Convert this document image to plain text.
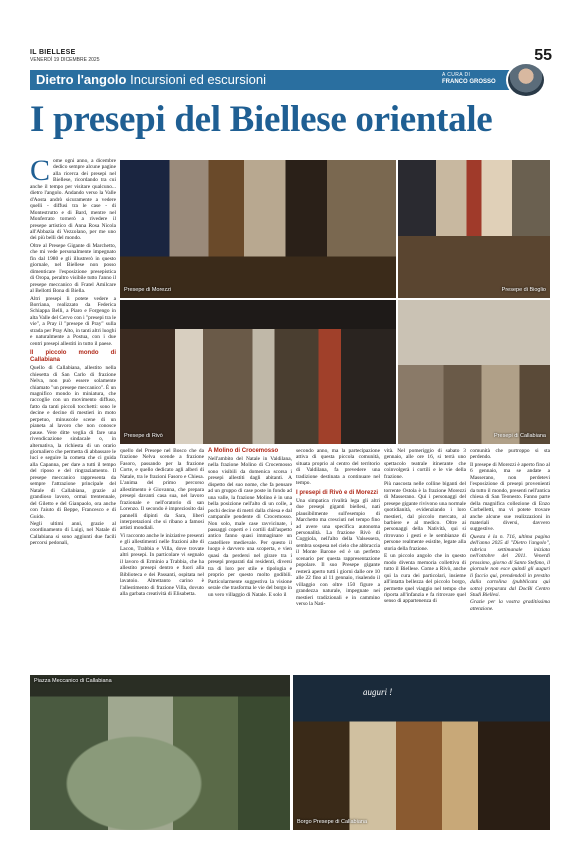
IL BIELLESE
VENERDÌ 19 DICEMBRE 2025	55
Dietro l'angolo Incursioni ed escursioni	A CURA DI
FRANCO GROSSO
I presepi del Biellese orientale

Come ogni anno, a dicembre dedico sempre alcune pagine alla ricerca dei presepi nel Biellese, ricordando tra cui anche il tempo per visitare qualcuno... dietro l'angolo. Andando verso la Valle d'Aosta andrò sicuramente a vedere quelli - diffusi tra le case - di Montestrutto e di Bard, mentre nel Monferrato tornerò a rivedere il presepe artistico di Anna Rosa Nicola all'Abbazia di Vezzolano, per me uno dei più belli del mondo.

Oltre al Presepe Gigante di Marchetto, che mi vede personalmente impegnato fin dal 1980 e gli illustrerò in questo giornale, nel Biellese non posso dimenticare l'esposizione presepistica di Oropa, peraltro visibile tutto l'anno il presepe meccanico di Fratel Amilcare al Bellotti Bona di Biella.

Altri presepi li potete vedere a Borriana, realizzato da Federica Schiappa Belli, a Piaro e Forgengo in alta Valle del Cervo con i "presepi tra le vie", a Pray il "presepe di Pray" sulla strada per Pray Alto, in tanti altri luoghi e naturalmente a Postua, con i due centri presepi allestiti in tutto il paese.

Il piccolo mondo di Callabiana

Quello di Callabiana, allestito nella chiesetta di San Carlo di frazione Nelva, non può essere solamente chiamato "un presepe meccanico". È un magnifico mondo in miniatura, che raccoglie con un movimento diffuso, fatto da tanti piccoli tocchetti: sono le decine e decine di mestieri in moto perpetuo, minuscole scene di un pianeta al lavoro che non conosce pause. Vere ditte veglia di fare una rivendicazione sindacale o, in alternativa, la richiesta di un orario giornaliero che permetta di abbassare le luci e seguire la cometa che ci guida alla Capanna, per dare a tutti il tempo del riposo e del ringraziamento. Il presepe meccanico rappresenta da sempre l'attrazione principale del Natale di Callabiana, grazie al grandioso lavoro, ormai trentennale, del Giletto e del Gianpaolo, ora anche con l'aiuto di Beppe, Francesco e di Guido.

Negli ultimi anni, grazie al coordinamento di Luigi, nel Natale di Callabiana si sono aggiunti due facili percorsi pedonali,

Presepe di Morezzi	Presepe di Bioglio
Presepe di Rivò	Presepi di Callabiana

quello del Presepe nel Bosco che da frazione Nelva scende a frazione Fasoro, passando per la frazione Corte, e quello dedicato agli alberi di Natale, tra le frazioni Fasoro e Chiesa. L'anima del primo percorso allestimento è Giovanna, che prepara presepi davanti casa sua, nel lavoro frazionale e nell'oratorio di san Lorenzo. Il secondo è impreziosito dai pannelli dipinti da Sara, liberi interpretazioni che si ribano a famosi artisti mondiali.

Vi racconto anche le iniziative presenti e gli allestimenti nelle frazioni alte di Lacon, Trabbia e Villa, dove trovate altri presepi. In particolare vi segnalo il lavoro di Erminio a Trabbia, che ha allestito presepi dentro e fuori alla Biblioteca e dei Passanti, ospitata nel lavatoio. Altrettanto carino è l'allestimento di frazione Villa, dovuto alla garbata creatività di Elisabetta.

A Molino di Crocemosso

Nell'ambito del Natale in Valdilana, nella frazione Molino di Crocemosso sono visibili da domenica scorsa i presepi allestiti dagli abitanti. A dispetto del suo nome, che fa pensare ad un gruppo di case poste in fondo ad una valle, la frazione Molino è in una bella posizione nell'alto di un colle, a pochi decine di metri dalla chiesa e dal campanile pendente di Crocemosso. Non solo, male case ravvicinate, i passaggi coperti e i cortili dall'aspetto antico fanno quasi immaginare un castelliere medievale. Per questo il luogo è davvero una scoperta, e vien quasi da perdersi nel girare tra i presepi preparati dai residenti, diversi tra di loro per stile e tipologia e proprio per questo molto godibili. Particolarmente suggestiva la visione serale che trasforma le vie del borgo in un vero villaggio di Natale. E solo il

secondo anno, ma la partecipazione attiva di questa piccola comunità, situata proprio al centro del territorio di Valdilana, fa prevedere una tradizione destinata a continuare nel tempo.

I presepi di Rivò e di Morezzi

Una simpatica rivalità lega gli altri due presepi giganti biellesi, nati plausibilmente sull'esempio di Marchetto ma cresciuti nel tempo fino ad avere una specifica autonoma personalità. La frazione Rivò di Coggiola, nell'alto della Valsessera, sembra sospesa nel cielo che abbraccia il Monte Barone ed è un perfetto scenario per questa rappresentazione popolare. Il suo Presepe gigante resterà aperto tutti i giorni dalle ore 10 alle 22 fino al 11 gennaio, risalendo il villaggio con oltre 150 figure a grandezza naturale, impegnate nei mestieri tradizionali e in cammino verso la Nati-

vità. Nel pomeriggio di sabato 3 gennaio, alle ore 16, si terrà uno spettacolo teatrale itinerante che coinvolgerà i cortili e le vie della frazione.

Più nascosta nelle colline biganti del torrente Ostola è la frazione Morezzi di Masserano. Qui i personaggi del presepe gigante rivivono una normale quotidianità, evidenziando i loro mestieri, dal piccolo mercato, al barbiere e al medico. Oltre ai personaggi della Natività, qui si ritrovano i gesti e le sembianze di persone realmente esistite, legate alla storia della frazione.

E un piccolo angolo che in questo modo diventa memoria collettiva di tutto il Biellese. Come a Rivò, anche qui la cura dei particolari, insieme all'intatta bellezza del piccolo borgo, permette quel viaggio nel tempo che riporta all'infanzia e fa ritrovare quel senso di appartenenza di

comunità che purtroppo si sta perdendo.

Il presepe di Morezzi è aperto fino al 6 gennaio, ma se andate a Masserano, non perdetevi l'esposizione di presepi provenienti da tutto il mondo, presenti nell'antica chiesa di San Teonesto. Fanno parte della magnifica collezione di Enzo Corbelletti, ma vi potete trovare anche alcune sue realizzazioni in materiali diversi, davvero suggestive.

Questa è la n. 716, ultima pagina dell'anno 2025 di "Dietro l'angolo", rubrica settimanale iniziata nell'ottobre del 2011. Venerdì prossimo, giorno di Santo Stefano, il giornale non esce quindi gli auguri li faccio qui, prendendoli in prestito dalla cartolina (pubblicata qui sotto) preparata dal DocBi Centro Studi Biellesi.

Grazie per la vostra graditissima attenzione.

Piazza Meccanico di Callabiana
auguri !
Borgo Presepe di Callabiana
